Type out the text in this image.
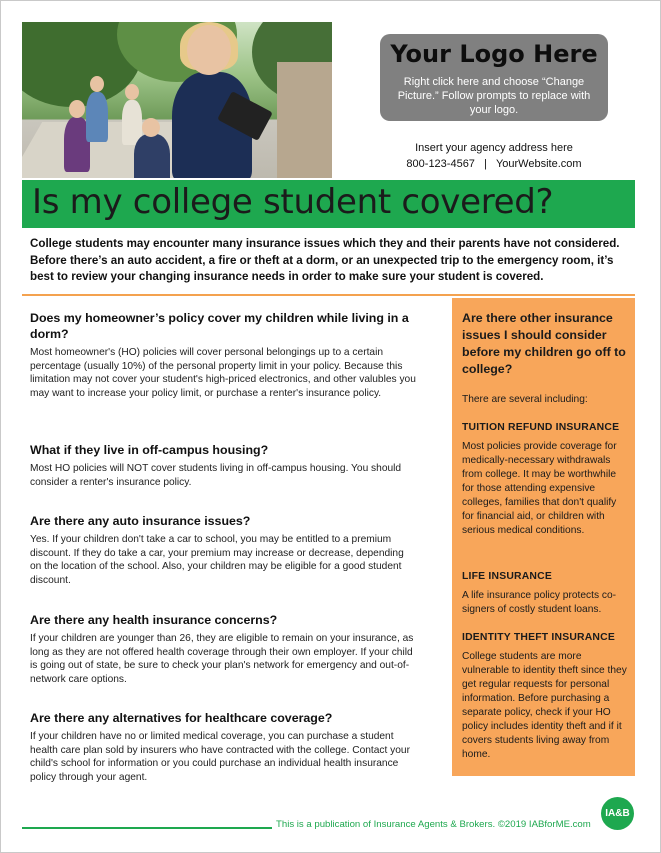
Your Logo Here
Right click here and choose “Change Picture.” Follow prompts to replace with your logo.
Insert your agency address here
800-123-4567 | YourWebsite.com
Is my college student covered?
College students may encounter many insurance issues which they and their parents have not considered. Before there’s an auto accident, a fire or theft at a dorm, or an unexpected trip to the emergency room, it’s best to review your changing insurance needs in order to make sure your student is covered.

Does my homeowner’s policy cover my children while living in a dorm?

Most homeowner's (HO) policies will cover personal belongings up to a certain percentage (usually 10%) of the personal property limit in your policy. Because this limitation may not cover your student's high-priced electronics, and other valubles you may want to increase your policy limit, or purchase a renter's insurance policy.

What if they live in off-campus housing?

Most HO policies will NOT cover students living in off-campus housing. You should consider a renter's insurance policy.

Are there any auto insurance issues?

Yes. If your children don't take a car to school, you may be entitled to a premium discount. If they do take a car, your premium may increase or decrease, depending on the location of the school. Also, your children may be eligible for a good student discount.

Are there any health insurance concerns?

If your children are younger than 26, they are eligible to remain on your insurance, as long as they are not offered health coverage through their own employer. If your child is going out of state, be sure to check your plan's network for emergency and out-of-network care options.

Are there any alternatives for healthcare coverage?

If your children have no or limited medical coverage, you can purchase a student health care plan sold by insurers who have contracted with the college. Contact your child's school for information or you could purchase an individual health insurance policy through your agent.

Are there other insurance issues I should consider before my children go off to college?
There are several including:
TUITION REFUND INSURANCE
Most policies provide coverage for medically-necessary withdrawals from college. It may be worthwhile for those attending expensive colleges, families that don't qualify for financial aid, or children with serious medical conditions.
LIFE INSURANCE
A life insurance policy protects co-signers of costly student loans.
IDENTITY THEFT INSURANCE
College students are more vulnerable to identity theft since they get regular requests for personal information. Before purchasing a separate policy, check if your HO policy includes identity theft and if it covers students living away from home.
This is a publication of Insurance Agents & Brokers. ©2019 IABforME.com
IA&B
